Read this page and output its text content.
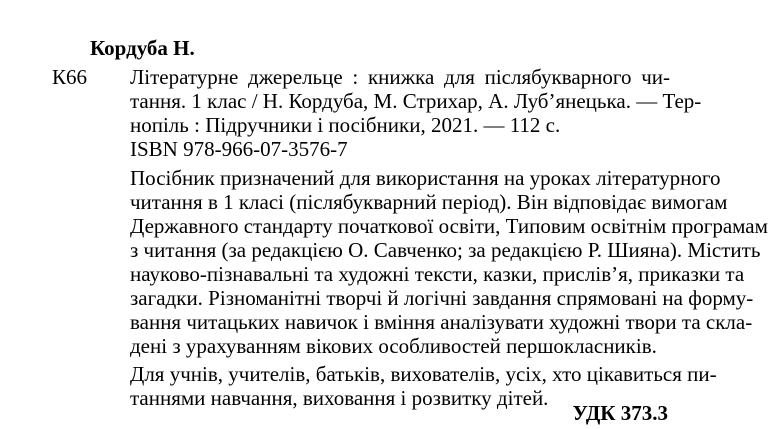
Кордуба Н.
К66 Літературне джерельце : книжка для післябукварного чи-
тання. 1 клас / Н. Кордуба, М. Стрихар, А. Луб’янецька. — Тер-
нопіль : Підручники і посібники, 2021. — 112 с.
ISBN 978-966-07-3576-7
Посібник призначений для використання на уроках літературного
читання в 1 класі (післябукварний період). Він відповідає вимогам
Державного стандарту початкової освіти, Типовим освітнім програмам
з читання (за редакцією О. Савченко; за редакцією Р. Шияна). Містить
науково-пізнавальні та художні тексти, казки, прислів’я, приказки та
загадки. Різноманітні творчі й логічні завдання спрямовані на форму-
вання читацьких навичок і вміння аналізувати художні твори та скла-
дені з урахуванням вікових особливостей першокласників.
Для учнів, учителів, батьків, вихователів, усіх, хто цікавиться пи-
таннями навчання, виховання і розвитку дітей.
УДК 373.3
